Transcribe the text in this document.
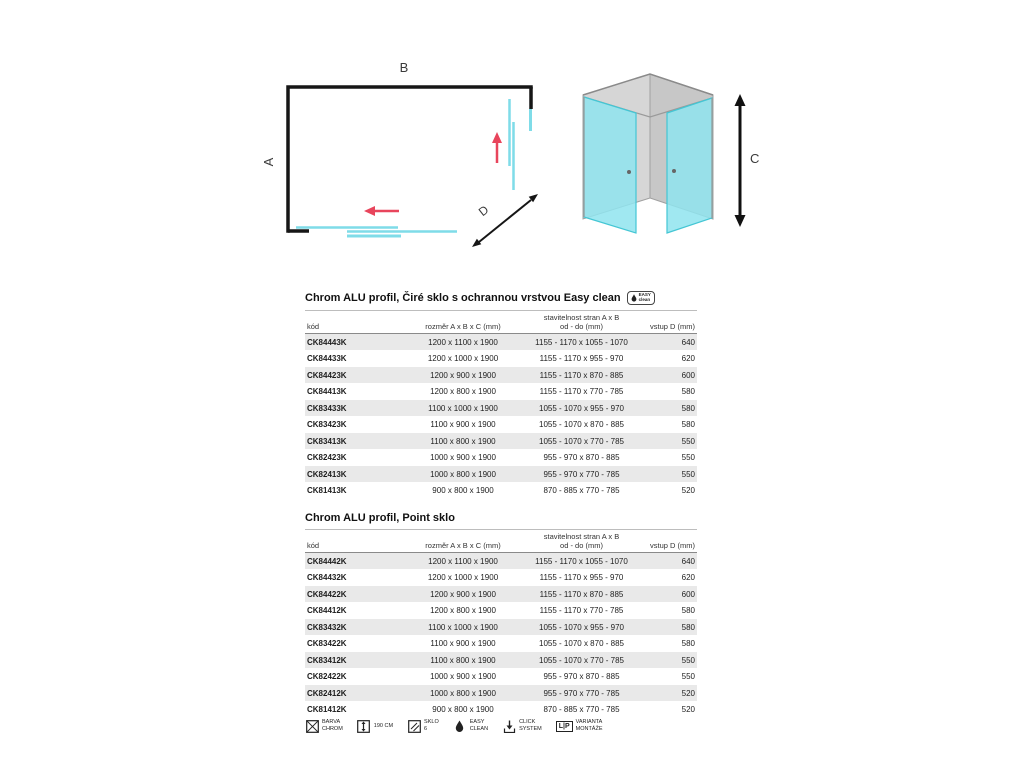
B
A
D
C
Chrom ALU profil, Čiré sklo s ochrannou vrstvou Easy clean	EASY
clean
kód	rozměr A x B x C (mm)	stavitelnost stran A x B
od - do (mm)	vstup D (mm)
CK84443K	1200 x 1100 x 1900	1155 - 1170 x 1055 - 1070	640
CK84433K	1200 x 1000 x 1900	1155 - 1170 x 955 - 970	620
CK84423K	1200 x 900 x 1900	1155 - 1170 x 870 - 885	600
CK84413K	1200 x 800 x 1900	1155 - 1170 x 770 - 785	580
CK83433K	1100 x 1000 x 1900	1055 - 1070 x 955 - 970	580
CK83423K	1100 x 900 x 1900	1055 - 1070 x 870 - 885	580
CK83413K	1100 x 800 x 1900	1055 - 1070 x 770 - 785	550
CK82423K	1000 x 900 x 1900	955 - 970 x 870 - 885	550
CK82413K	1000 x 800 x 1900	955 - 970 x 770 - 785	550
CK81413K	900 x 800 x 1900	870 - 885 x 770 - 785	520
Chrom ALU profil, Point sklo
kód	rozměr A x B x C (mm)	stavitelnost stran A x B
od - do (mm)	vstup D (mm)
CK84442K	1200 x 1100 x 1900	1155 - 1170 x 1055 - 1070	640
CK84432K	1200 x 1000 x 1900	1155 - 1170 x 955 - 970	620
CK84422K	1200 x 900 x 1900	1155 - 1170 x 870 - 885	600
CK84412K	1200 x 800 x 1900	1155 - 1170 x 770 - 785	580
CK83432K	1100 x 1000 x 1900	1055 - 1070 x 955 - 970	580
CK83422K	1100 x 900 x 1900	1055 - 1070 x 870 - 885	580
CK83412K	1100 x 800 x 1900	1055 - 1070 x 770 - 785	550
CK82422K	1000 x 900 x 1900	955 - 970 x 870 - 885	550
CK82412K	1000 x 800 x 1900	955 - 970 x 770 - 785	520
CK81412K	900 x 800 x 1900	870 - 885 x 770 - 785	520
BARVA
CHROM
190 CM
SKLO
6
EASY
CLEAN
CLICK
SYSTEM	L|P
VARIANTA
MONTÁŽE
